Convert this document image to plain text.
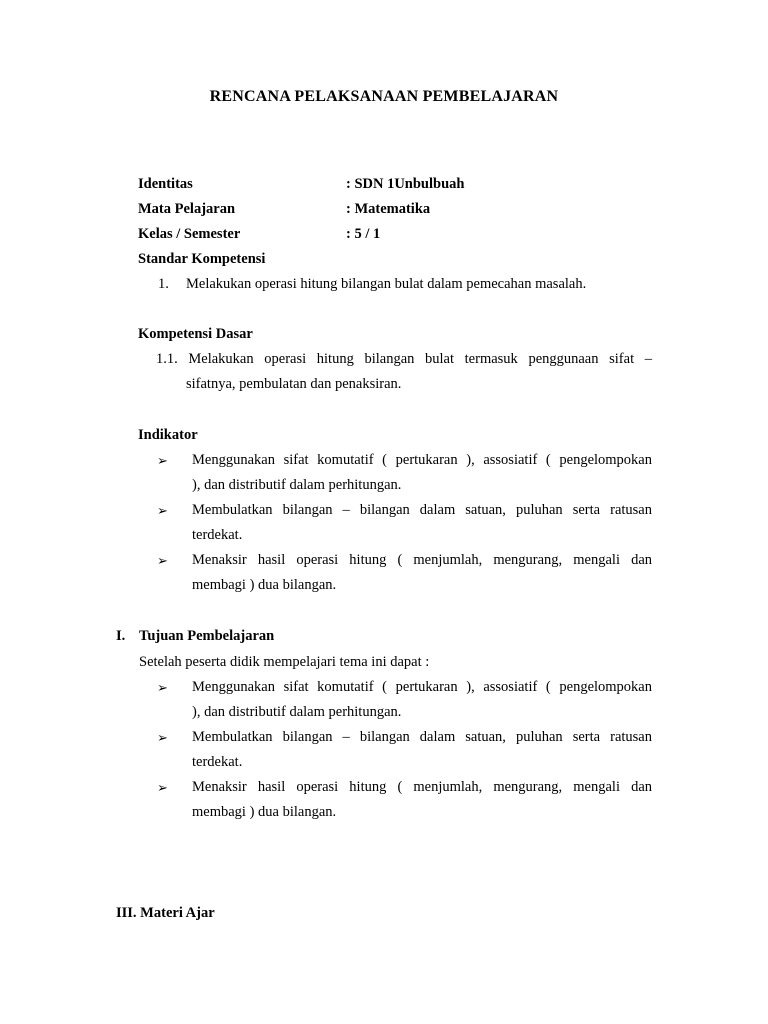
RENCANA PELAKSANAAN PEMBELAJARAN
Identitas	: SDN 1Unbulbuah
Mata Pelajaran	: Matematika
Kelas / Semester	: 5 / 1
Standar Kompetensi
1. Melakukan operasi hitung bilangan bulat dalam pemecahan masalah.
Kompetensi Dasar
1.1. Melakukan operasi hitung bilangan bulat termasuk penggunaan sifat –
sifatnya, pembulatan dan penaksiran.
Indikator
➢ Menggunakan sifat komutatif ( pertukaran ), assosiatif ( pengelompokan
), dan distributif dalam perhitungan.
➢ Membulatkan bilangan – bilangan dalam satuan, puluhan serta ratusan
terdekat.
➢ Menaksir hasil operasi hitung ( menjumlah, mengurang, mengali dan
membagi ) dua bilangan.
I. Tujuan Pembelajaran
Setelah peserta didik mempelajari tema ini dapat :
➢ Menggunakan sifat komutatif ( pertukaran ), assosiatif ( pengelompokan
), dan distributif dalam perhitungan.
➢ Membulatkan bilangan – bilangan dalam satuan, puluhan serta ratusan
terdekat.
➢ Menaksir hasil operasi hitung ( menjumlah, mengurang, mengali dan
membagi ) dua bilangan.
III. Materi Ajar
